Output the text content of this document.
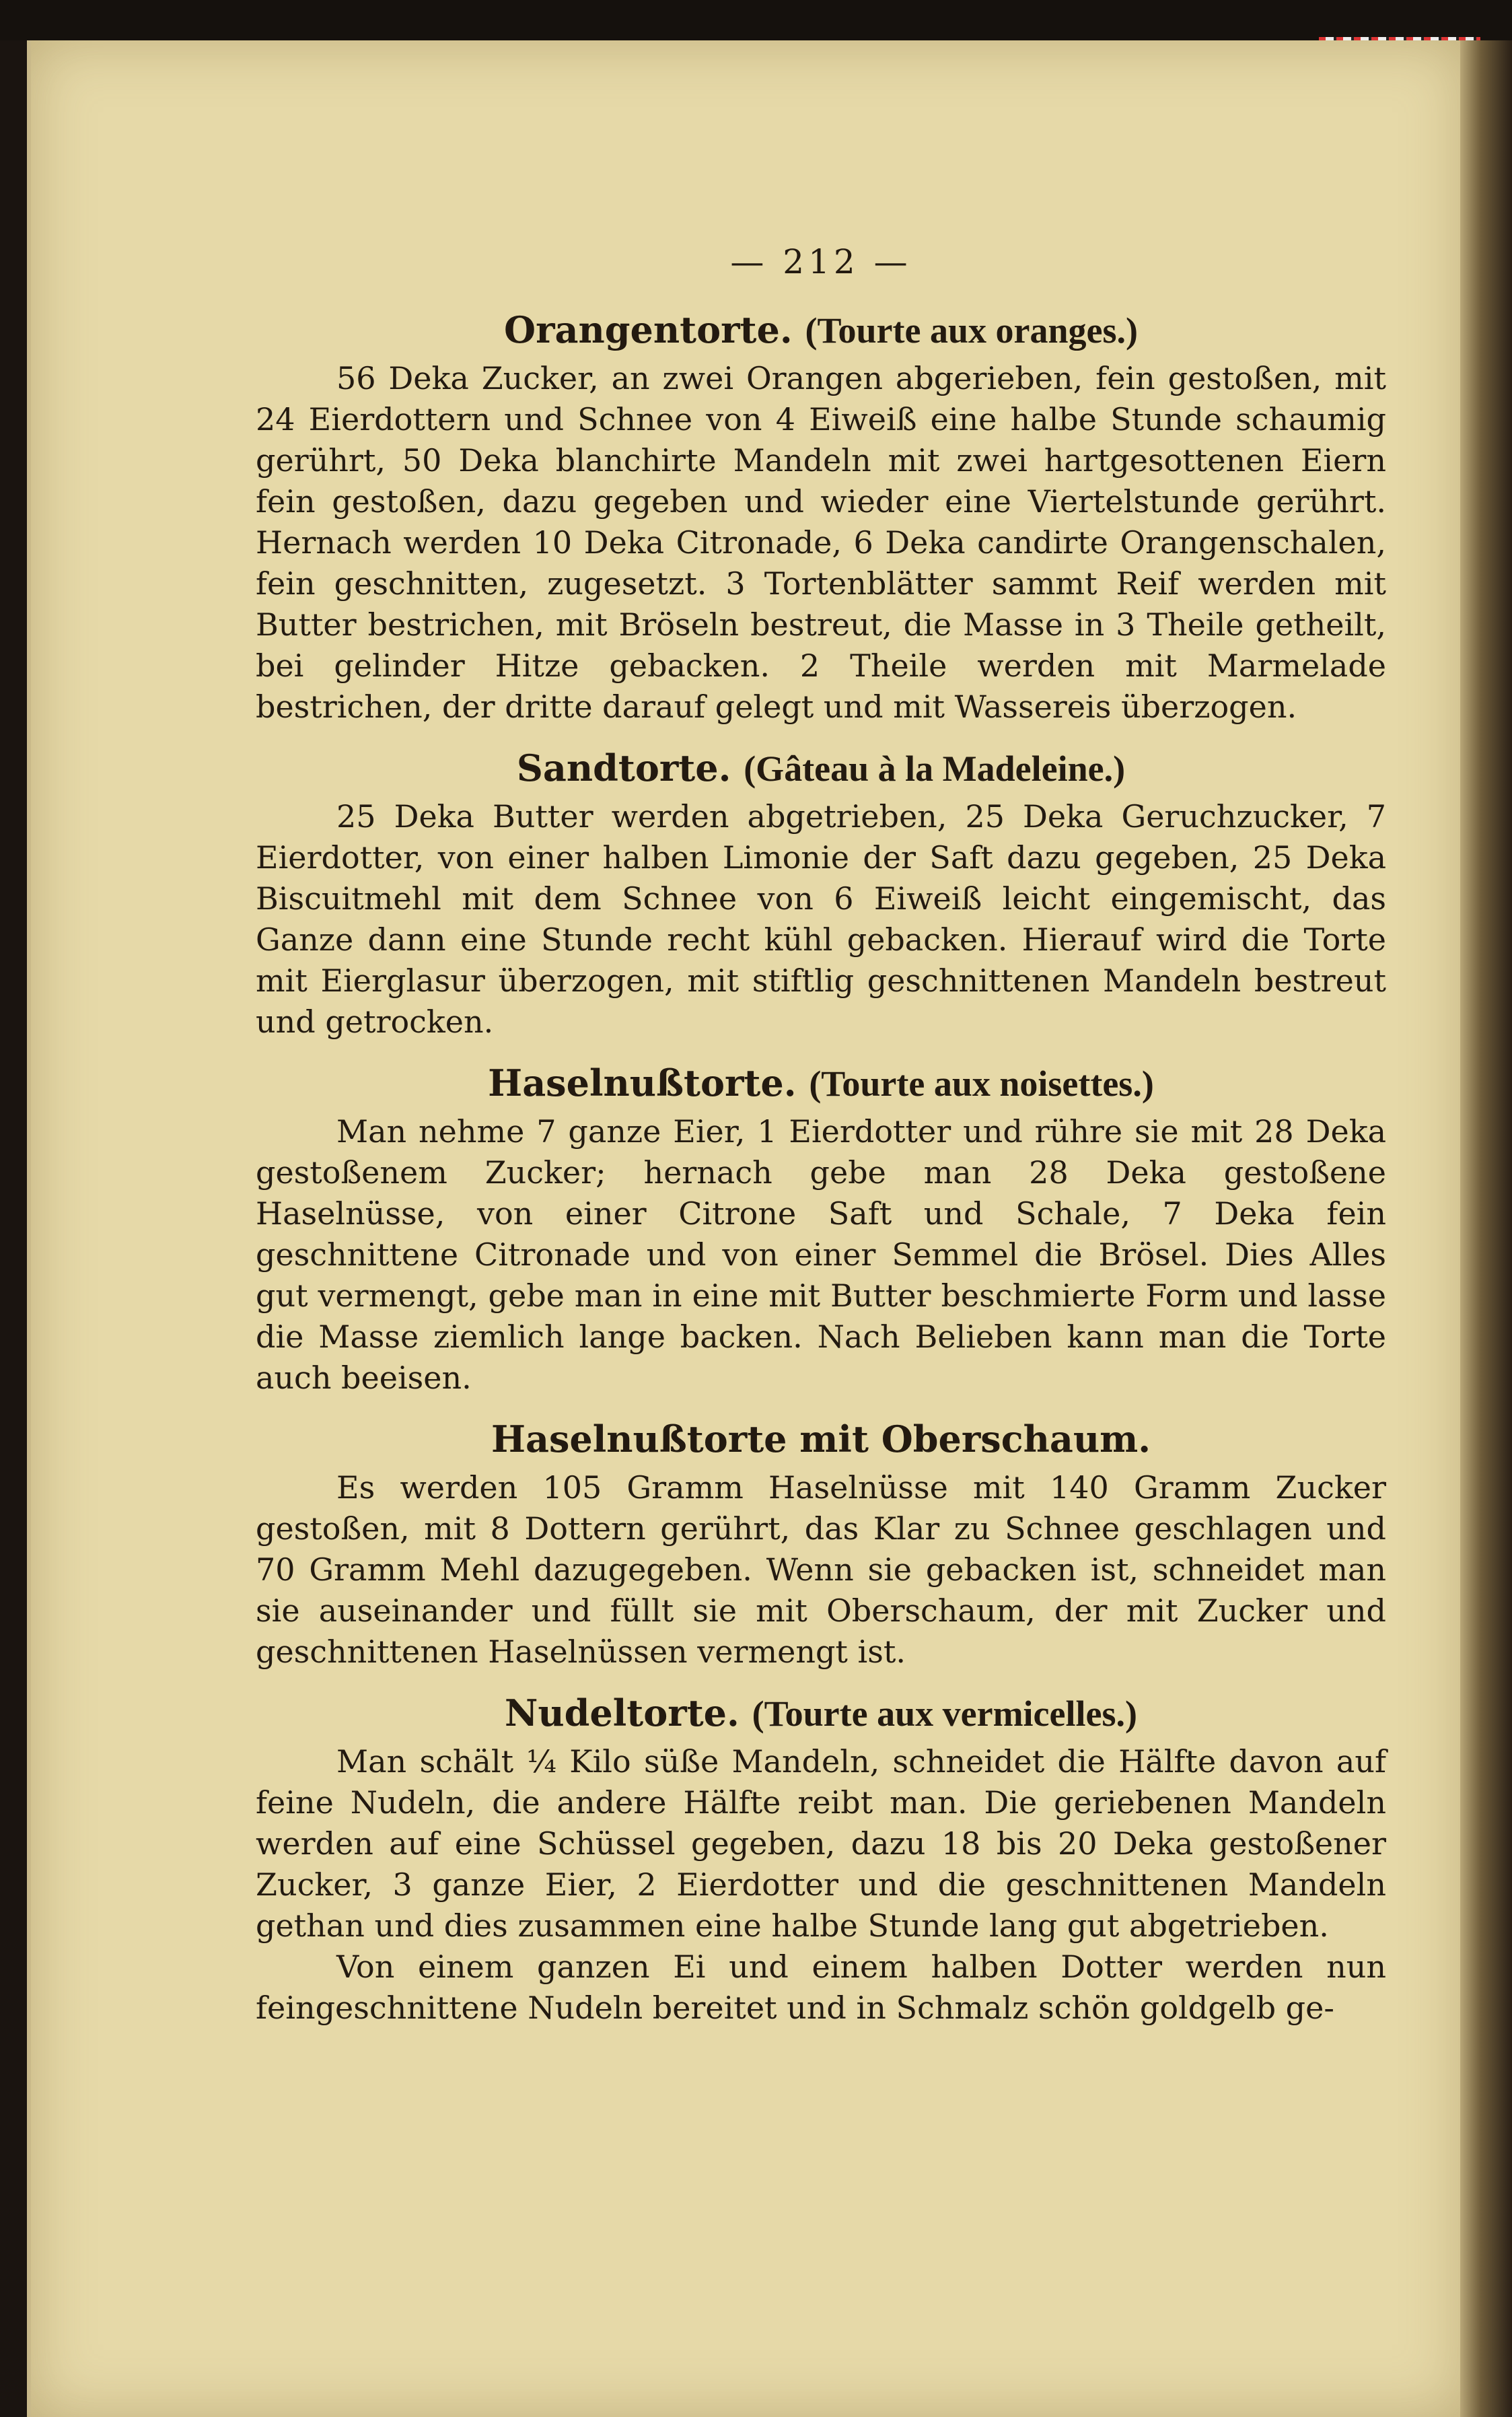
— 212 —
Orangentorte. (Tourte aux oranges.)

56 Deka Zucker, an zwei Orangen abgerieben, fein gestoßen, mit 24 Eierdottern und Schnee von 4 Eiweiß eine halbe Stunde schaumig gerührt, 50 Deka blanchirte Mandeln mit zwei hartgesottenen Eiern fein gestoßen, dazu gegeben und wieder eine Viertelstunde gerührt. Hernach werden 10 Deka Citronade, 6 Deka candirte Orangenschalen, fein geschnitten, zugesetzt. 3 Tortenblätter sammt Reif werden mit Butter bestrichen, mit Bröseln bestreut, die Masse in 3 Theile getheilt, bei gelinder Hitze gebacken. 2 Theile werden mit Marmelade bestrichen, der dritte darauf gelegt und mit Wassereis überzogen.

Sandtorte. (Gâteau à la Madeleine.)

25 Deka Butter werden abgetrieben, 25 Deka Geruchzucker, 7 Eierdotter, von einer halben Limonie der Saft dazu gegeben, 25 Deka Biscuitmehl mit dem Schnee von 6 Eiweiß leicht eingemischt, das Ganze dann eine Stunde recht kühl gebacken. Hierauf wird die Torte mit Eierglasur überzogen, mit stiftlig geschnittenen Mandeln bestreut und getrocken.

Haselnußtorte. (Tourte aux noisettes.)

Man nehme 7 ganze Eier, 1 Eierdotter und rühre sie mit 28 Deka gestoßenem Zucker; hernach gebe man 28 Deka gestoßene Haselnüsse, von einer Citrone Saft und Schale, 7 Deka fein geschnittene Citronade und von einer Semmel die Brösel. Dies Alles gut vermengt, gebe man in eine mit Butter beschmierte Form und lasse die Masse ziemlich lange backen. Nach Belieben kann man die Torte auch beeisen.

Haselnußtorte mit Oberschaum.

Es werden 105 Gramm Haselnüsse mit 140 Gramm Zucker gestoßen, mit 8 Dottern gerührt, das Klar zu Schnee geschlagen und 70 Gramm Mehl dazugegeben. Wenn sie gebacken ist, schneidet man sie auseinander und füllt sie mit Oberschaum, der mit Zucker und geschnittenen Haselnüssen vermengt ist.

Nudeltorte. (Tourte aux vermicelles.)

Man schält ¼ Kilo süße Mandeln, schneidet die Hälfte davon auf feine Nudeln, die andere Hälfte reibt man. Die geriebenen Mandeln werden auf eine Schüssel gegeben, dazu 18 bis 20 Deka gestoßener Zucker, 3 ganze Eier, 2 Eierdotter und die geschnittenen Mandeln gethan und dies zusammen eine halbe Stunde lang gut abgetrieben.

Von einem ganzen Ei und einem halben Dotter werden nun feingeschnittene Nudeln bereitet und in Schmalz schön goldgelb ge-
